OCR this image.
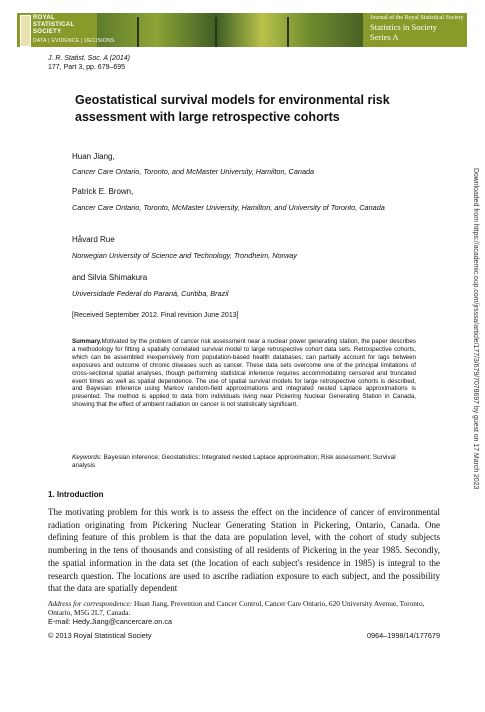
ROYAL
STATISTICAL
SOCIETY
DATA | EVIDENCE | DECISIONS
Journal of the Royal Statistical Society
Statistics in Society
Series A
J. R. Statist. Soc. A (2014)
177, Part 3, pp. 679–695
Geostatistical survival models for environmental risk assessment with large retrospective cohorts
Huan Jiang,
Cancer Care Ontario, Toronto, and McMaster University, Hamilton, Canada
Patrick E. Brown,
Cancer Care Ontario, Toronto, McMaster University, Hamilton, and University of Toronto, Canada
Håvard Rue
Norwegian University of Science and Technology, Trondheim, Norway
and Silvia Shimakura
Universidade Federal do Paraná, Curitiba, Brazil
[Received September 2012. Final revision June 2013]
Summary.Motivated by the problem of cancer risk assessment near a nuclear power generating station, the paper describes a methodology for fitting a spatially correlated survival model to large retrospective cohort data sets. Retrospective cohorts, which can be assembled inexpensively from population-based health databases, can partially account for lags between exposures and outcome of chronic diseases such as cancer. These data sets overcome one of the principal limitations of cross-sectional spatial analyses, though performing statistical inference requires accommodating censored and truncated event times as well as spatial dependence. The use of spatial survival models for large retrospective cohorts is described, and Bayesian inference using Markov random-field approximations and integrated nested Laplace approximations is presented. The method is applied to data from individuals living near Pickering Nuclear Generating Station in Canada, showing that the effect of ambient radiation on cancer is not statistically significant.
Keywords: Bayesian inference; Geostatistics; Integrated nested Laplace approximation; Risk assessment; Survival analysis
1. Introduction
The motivating problem for this work is to assess the effect on the incidence of cancer of environmental radiation originating from Pickering Nuclear Generating Station in Pickering, Ontario, Canada. One defining feature of this problem is that the data are population level, with the cohort of study subjects numbering in the tens of thousands and consisting of all residents of Pickering in the year 1985. Secondly, the spatial information in the data set (the location of each subject's residence in 1985) is integral to the research question. The locations are used to ascribe radiation exposure to each subject, and the possibility that the data are spatially dependent
Address for correspondence: Huan Jiang, Prevention and Cancer Control, Cancer Care Ontario, 620 University Avenue, Toronto, Ontario, M5G 2L7, Canada.
E-mail: Hedy.Jiang@cancercare.on.ca
© 2013 Royal Statistical Society	0964–1998/14/177679
Downloaded from https://academic.oup.com/jrsssa/article/177/3/679/7078697 by guest on 17 March 2023
